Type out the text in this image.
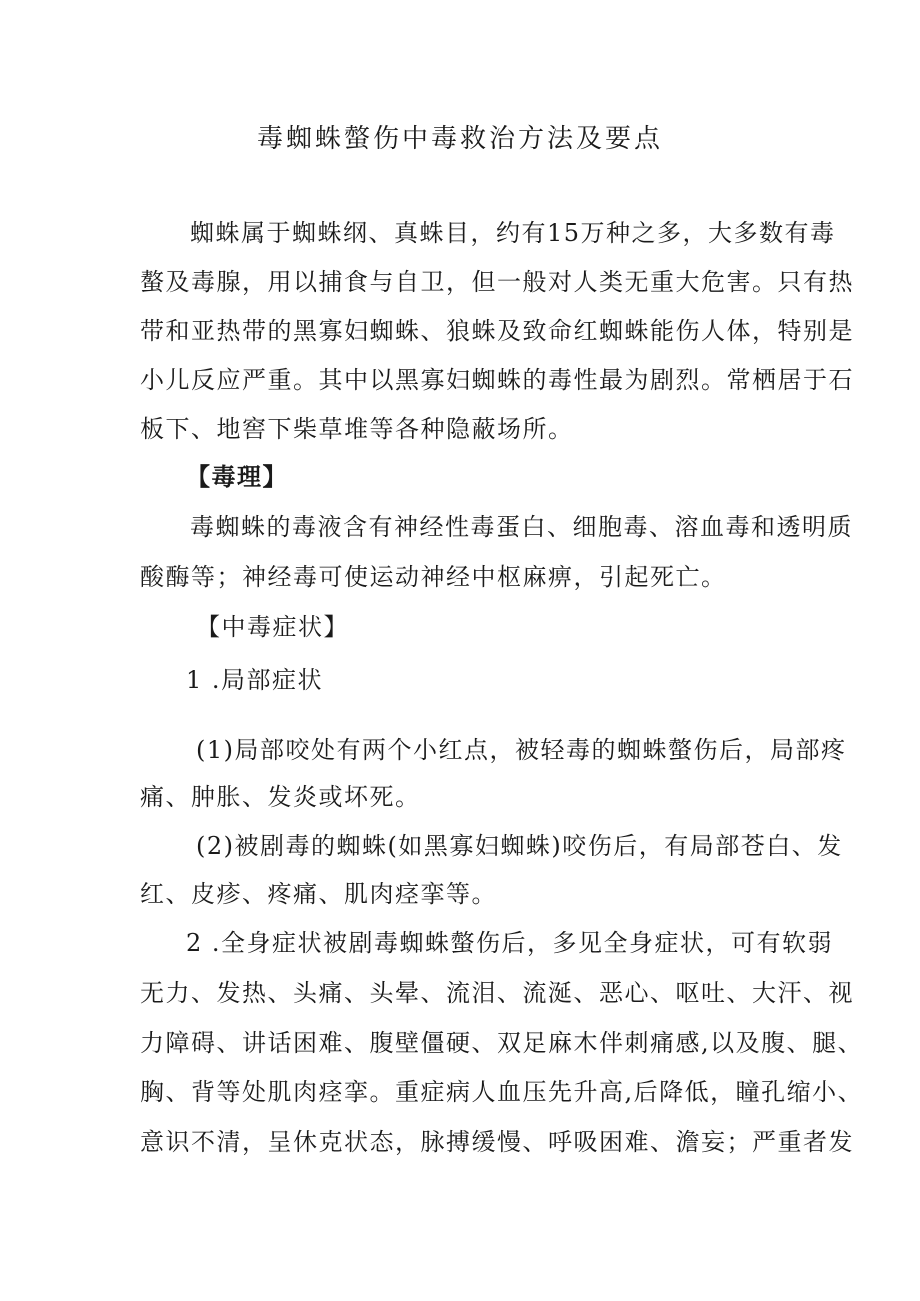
毒蜘蛛螫伤中毒救治方法及要点
蜘蛛属于蜘蛛纲、真蛛目，约有15万种之多，大多数有毒
螯及毒腺，用以捕食与自卫，但一般对人类无重大危害。只有热
带和亚热带的黑寡妇蜘蛛、狼蛛及致命红蜘蛛能伤人体，特别是
小儿反应严重。其中以黑寡妇蜘蛛的毒性最为剧烈。常栖居于石
板下、地窖下柴草堆等各种隐蔽场所。
【毒理】
毒蜘蛛的毒液含有神经性毒蛋白、细胞毒、溶血毒和透明质
酸酶等；神经毒可使运动神经中枢麻痹，引起死亡。
【中毒症状】
1 .局部症状
(1)局部咬处有两个小红点，被轻毒的蜘蛛螫伤后，局部疼
痛、肿胀、发炎或坏死。
(2)被剧毒的蜘蛛(如黑寡妇蜘蛛)咬伤后，有局部苍白、发
红、皮疹、疼痛、肌肉痉挛等。
2 .全身症状被剧毒蜘蛛螫伤后，多见全身症状，可有软弱
无力、发热、头痛、头晕、流泪、流涎、恶心、呕吐、大汗、视
力障碍、讲话困难、腹壁僵硬、双足麻木伴刺痛感,以及腹、腿、
胸、背等处肌肉痉挛。重症病人血压先升高,后降低，瞳孔缩小、
意识不清，呈休克状态，脉搏缓慢、呼吸困难、澹妄；严重者发
